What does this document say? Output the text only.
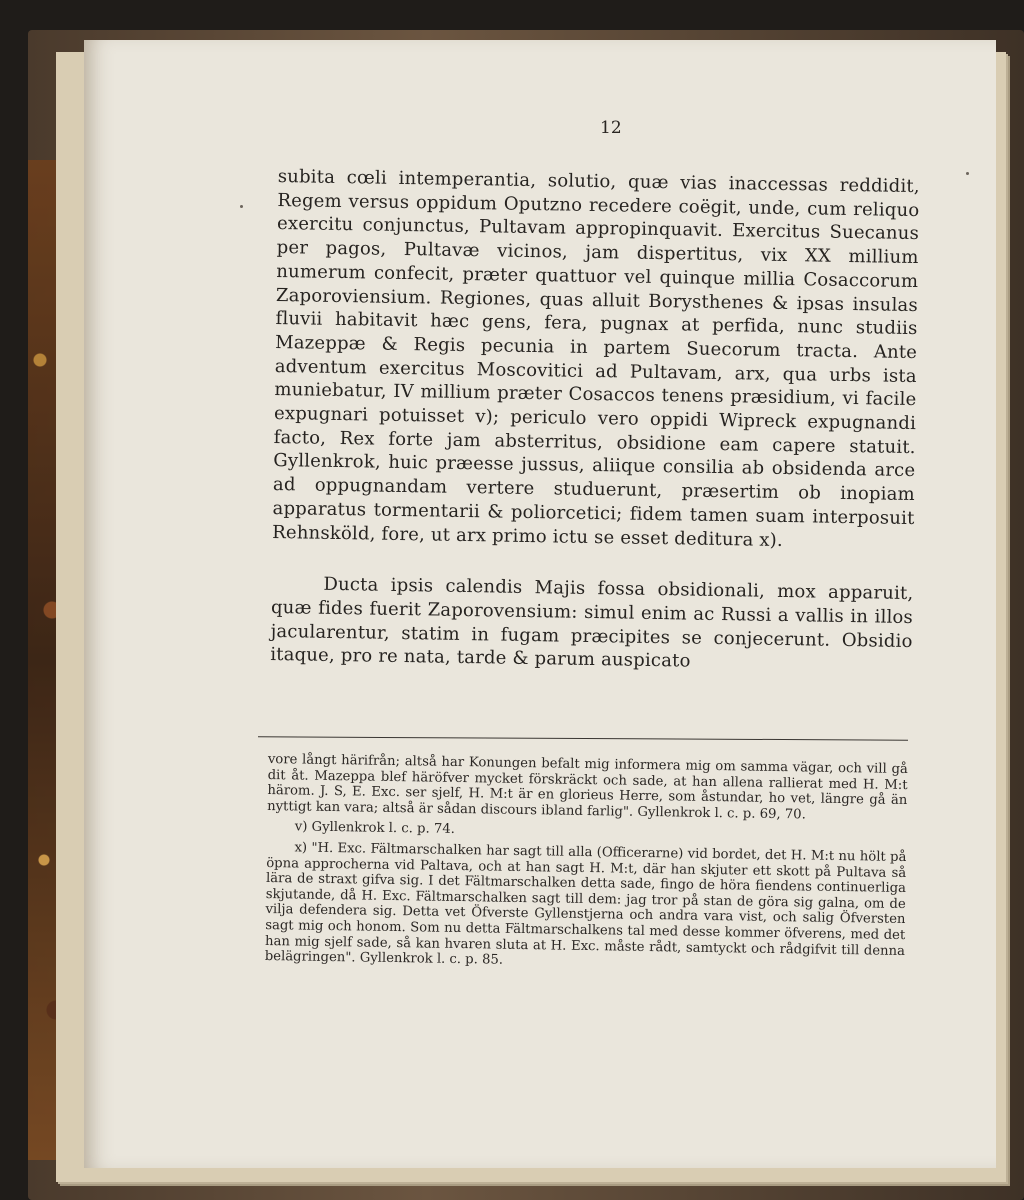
12

subita cœli intemperantia, solutio, quæ vias inaccessas reddidit, Regem versus oppidum Oputzno recedere coëgit, unde, cum reliquo exercitu conjunctus, Pultavam appropinquavit. Exercitus Suecanus per pagos, Pultavæ vicinos, jam dispertitus, vix XX millium numerum confecit, præter quattuor vel quinque millia Cosaccorum Zaporoviensium. Regiones, quas alluit Borysthenes & ipsas insulas fluvii habitavit hæc gens, fera, pugnax at perfida, nunc studiis Mazeppæ & Regis pecunia in partem Suecorum tracta. Ante adventum exercitus Moscovitici ad Pultavam, arx, qua urbs ista muniebatur, IV millium præter Cosaccos tenens præsidium, vi facile expugnari potuisset v); periculo vero oppidi Wipreck expugnandi facto, Rex forte jam absterritus, obsidione eam capere statuit. Gyllenkrok, huic præesse jussus, aliique consilia ab obsidenda arce ad oppugnandam vertere studuerunt, præsertim ob inopiam apparatus tormentarii & poliorcetici; fidem tamen suam interposuit Rehnsköld, fore, ut arx primo ictu se esset deditura x).

Ducta ipsis calendis Majis fossa obsidionali, mox apparuit, quæ fides fuerit Zaporovensium: simul enim ac Russi a vallis in illos jacularentur, statim in fugam præcipites se conjecerunt. Obsidio itaque, pro re nata, tarde & parum auspicato

vore långt härifrån; altså har Konungen befalt mig informera mig om samma vägar, och vill gå dit åt. Mazeppa blef häröfver mycket förskräckt och sade, at han allena rallierat med H. M:t härom. J. S, E. Exc. ser sjelf, H. M:t är en glorieus Herre, som åstundar, ho vet, längre gå än nyttigt kan vara; altså är sådan discours ibland farlig". Gyllenkrok l. c. p. 69, 70.

v) Gyllenkrok l. c. p. 74.

x) "H. Exc. Fältmarschalken har sagt till alla (Officerarne) vid bordet, det H. M:t nu hölt på öpna approcherna vid Paltava, och at han sagt H. M:t, där han skjuter ett skott på Pultava så lära de straxt gifva sig. I det Fältmarschalken detta sade, fingo de höra fiendens continuerliga skjutande, då H. Exc. Fältmarschalken sagt till dem: jag tror på stan de göra sig galna, om de vilja defendera sig. Detta vet Öfverste Gyllenstjerna och andra vara vist, och salig Öfversten sagt mig och honom. Som nu detta Fältmarschalkens tal med desse kommer öfverens, med det han mig sjelf sade, så kan hvaren sluta at H. Exc. måste rådt, samtyckt och rådgifvit till denna belägringen". Gyllenkrok l. c. p. 85.
